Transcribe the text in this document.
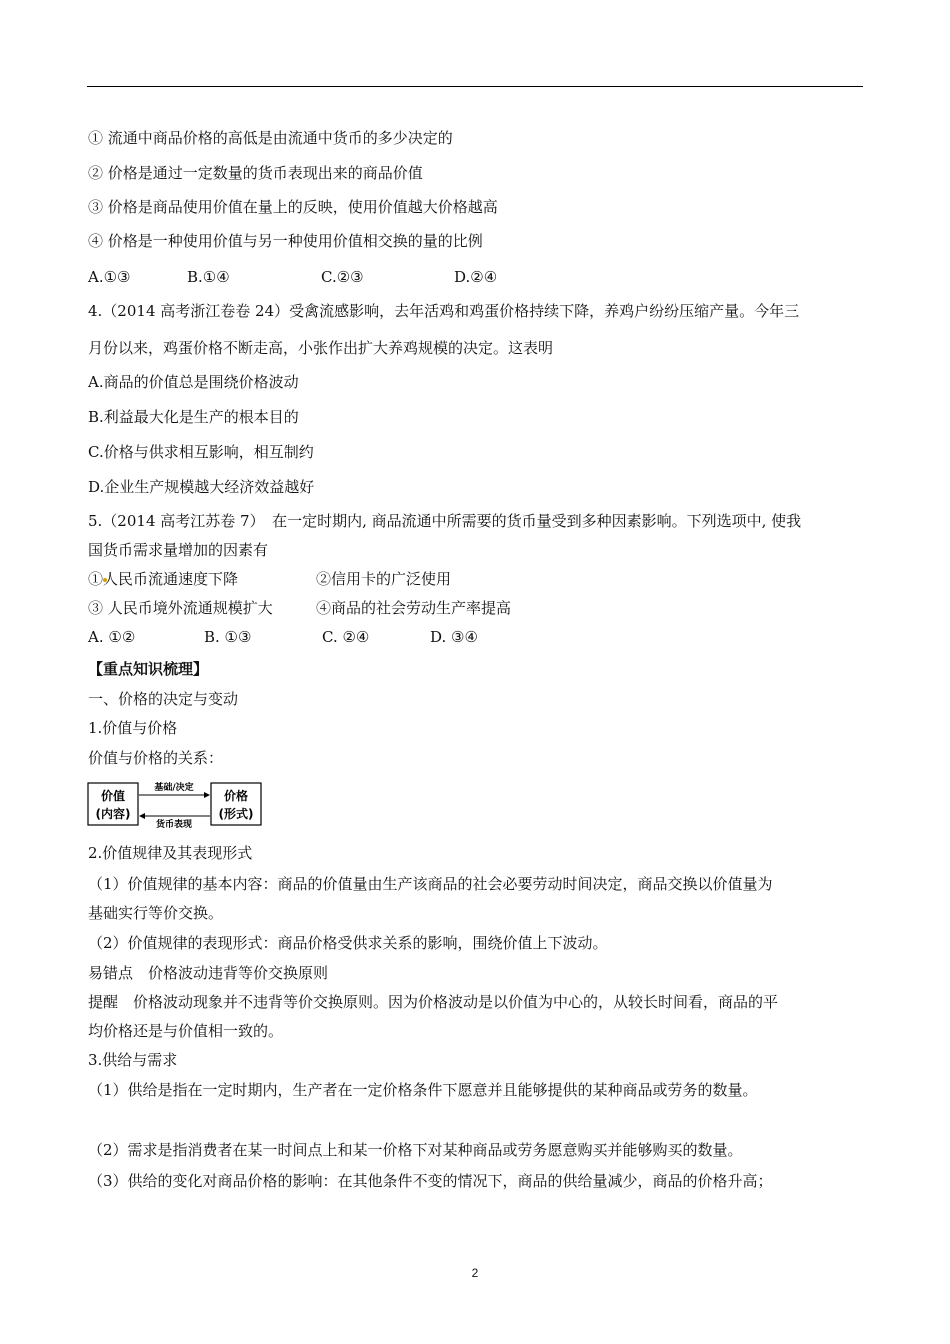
① 流通中商品价格的高低是由流通中货币的多少决定的
② 价格是通过一定数量的货币表现出来的商品价值
③ 价格是商品使用价值在量上的反映，使用价值越大价格越高
④ 价格是一种使用价值与另一种使用价值相交换的量的比例
A.①③	B.①④	C.②③	D.②④
4.（2014 高考浙江卷卷 24）受禽流感影响，去年活鸡和鸡蛋价格持续下降，养鸡户纷纷压缩产量。今年三
月份以来，鸡蛋价格不断走高，小张作出扩大养鸡规模的决定。这表明
A.商品的价值总是围绕价格波动
B.利益最大化是生产的根本目的
C.价格与供求相互影响，相互制约
D.企业生产规模越大经济效益越好
5.（2014 高考江苏卷 7）　在一定时期内, 商品流通中所需要的货币量受到多种因素影响。下列选项中, 使我
国货币需求量增加的因素有
①人民币流通速度下降	②信用卡的广泛使用
③ 人民币境外流通规模扩大	④商品的社会劳动生产率提高
A. ①②	B. ①③	C. ②④	D. ③④
【重点知识梳理】
一、价格的决定与变动
1.价值与价格
价值与价格的关系：
价值
(内容)
价格
(形式)
基础/决定
货币表现
2.价值规律及其表现形式
（1）价值规律的基本内容：商品的价值量由生产该商品的社会必要劳动时间决定，商品交换以价值量为
基础实行等价交换。
（2）价值规律的表现形式：商品价格受供求关系的影响，围绕价值上下波动。
易错点　价格波动违背等价交换原则
提醒　价格波动现象并不违背等价交换原则。因为价格波动是以价值为中心的，从较长时间看，商品的平
均价格还是与价值相一致的。
3.供给与需求
（1）供给是指在一定时期内，生产者在一定价格条件下愿意并且能够提供的某种商品或劳务的数量。
（2）需求是指消费者在某一时间点上和某一价格下对某种商品或劳务愿意购买并能够购买的数量。
（3）供给的变化对商品价格的影响：在其他条件不变的情况下，商品的供给量减少，商品的价格升高；
2
